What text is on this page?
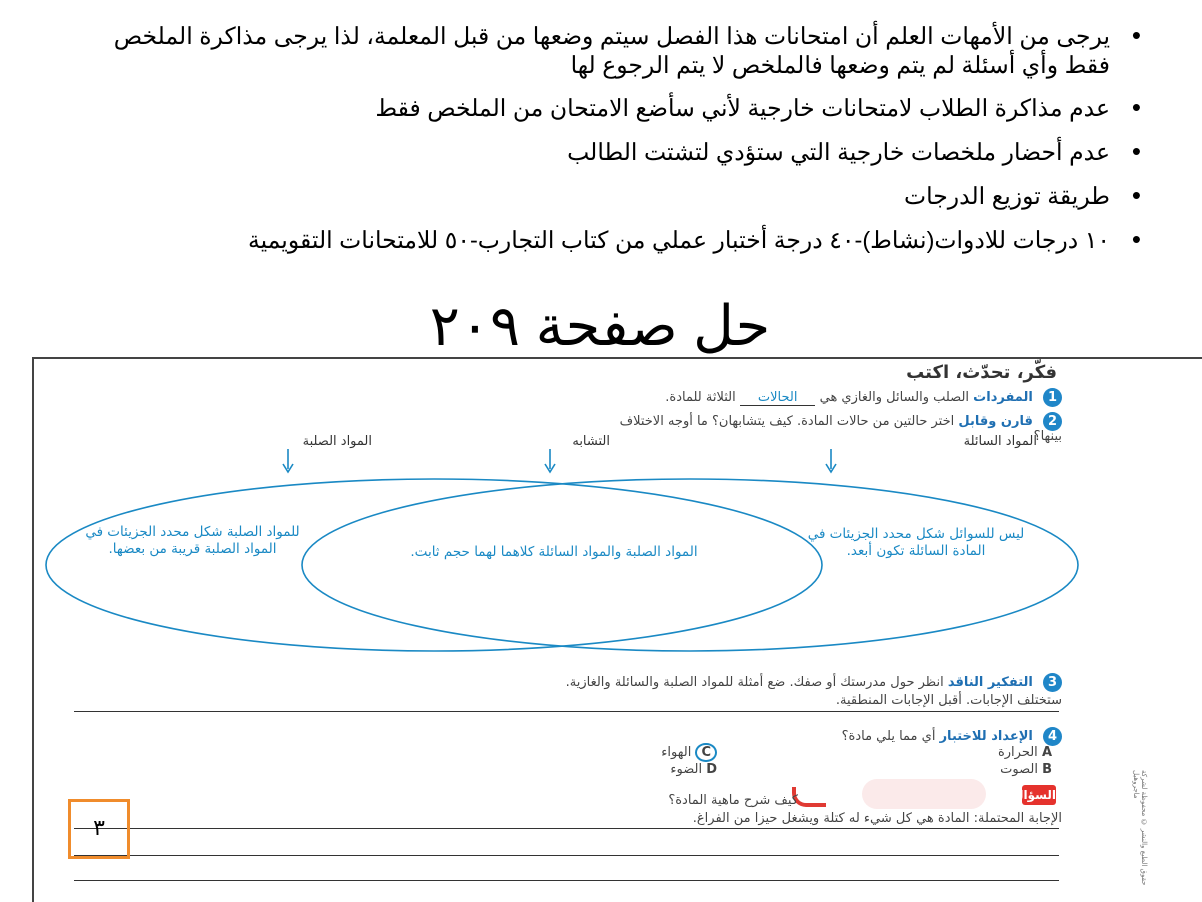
• يرجى من الأمهات العلم أن امتحانات هذا الفصل سيتم وضعها من قبل المعلمة، لذا يرجى مذاكرة الملخص فقط وأي أسئلة لم يتم وضعها فالملخص لا يتم الرجوع لها
• عدم مذاكرة الطلاب لامتحانات خارجية لأني سأضع الامتحان من الملخص فقط
• عدم أحضار ملخصات خارجية التي ستؤدي لتشتت الطالب
• طريقة توزيع الدرجات
• ١٠ درجات للادوات(نشاط)-٤٠ درجة أختبار عملي من كتاب التجارب-٥٠ للامتحانات التقويمية
حل صفحة ٢٠٩
فكّر، تحدّث، اكتب
1 المفردات الصلب والسائل والغازي هي الحالات الثلاثة للمادة.
2 قارن وقابل اختر حالتين من حالات المادة. كيف يتشابهان؟ ما أوجه الاختلاف
بينها؟
المواد السائلة
التشابه
المواد الصلبة
للمواد الصلبة شكل محدد الجزيئات في المواد الصلبة قريبة من بعضها.	المواد الصلبة والمواد السائلة كلاهما لهما حجم ثابت.
ليس للسوائل شكل محدد الجزيئات في المادة السائلة تكون أبعد.
3 التفكير الناقد انظر حول مدرستك أو صفك. ضع أمثلة للمواد الصلبة والسائلة والغازية.
ستختلف الإجابات. أقبل الإجابات المنطقية.
4 الإعداد للاختبار أي مما يلي مادة؟
A الحرارة
C الهواء
B الصوت
D الضوء
السؤال
كيف شرح ماهية المادة؟
الإجابة المحتملة: المادة هي كل شيء له كتلة ويشغل حيزا من الفراغ.	حقوق الطبع والنشر © محفوظة لشركة ماجروهيل
٣
